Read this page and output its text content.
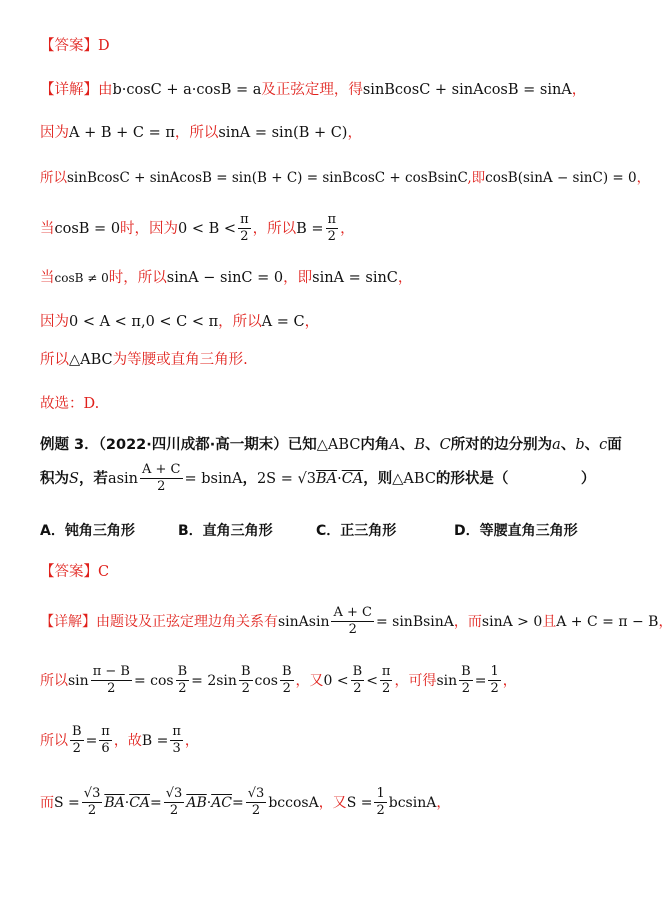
【答案】D
【详解】由b·cosC + a·cosB = a及正弦定理，得sinBcosC + sinAcosB = sinA，
因为A + B + C = π，所以sinA = sin(B + C)，
所以sinBcosC + sinAcosB = sin(B + C) = sinBcosC + cosBsinC,即cosB(sinA − sinC) = 0，
当cosB = 0时，因为$0 < B < \frac{\pi}{2}$ ，所以$B = \frac{\pi}{2}$ ，
当cosB ≠ 0时，所以sinA − sinC = 0，即sinA = sinC，
因为0 < A < π,0 < C < π，所以A = C，
所以△ABC为等腰或直角三角形.
故选：D.
例题 3．（2022·四川成都·高一期末）已知△ABC内角A、B、C所对的边分别为a、b、c面
积为S，若asin $\frac{A + C}{2} = bsinA$，$2S = √3\overline{BA}\cdot\overline{CA}$，则△ABC的形状是（　　　　　）
A．钝角三角形	B．直角三角形	C．正三角形	D．等腰直角三角形
【答案】C
【详解】由题设及正弦定理边角关系有sinAsin $\frac{A + C}{2}$ = sinBsinA，而sinA > 0且A + C = π − B，
所以$\sin \frac{\pi - B}{2} = \cos \frac{B}{2} = 2\sin \frac{B}{2}$ $\cos \frac{B}{2}$ ，又$0 < \frac{B}{2} < \frac{\pi}{2}$ ，可得$\sin \frac{B}{2} = \frac{1}{2}$ ，
所以 $\frac{B}{2} = \frac{\pi}{6}$ ，故$B = \frac{\pi}{3}$ ，
而$S = \frac{√3}{2} \overline{BA}\cdot\overline{CA}= \frac{√3}{2} \overline{AB}\cdot\overline{AC}= \frac{√3}{2}$ bccosA，又$S = \frac{1}{2}$ bcsinA，
